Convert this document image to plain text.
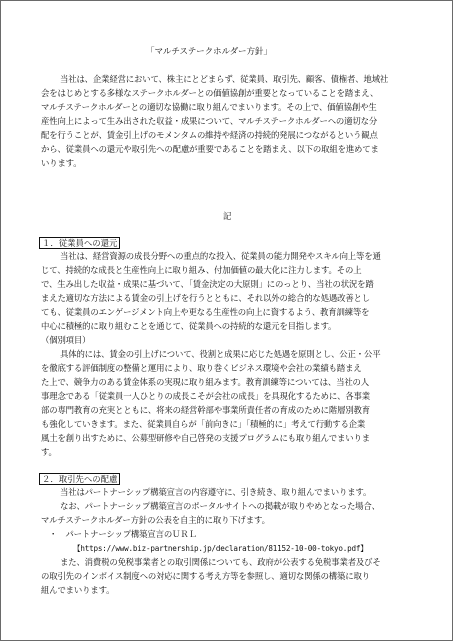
「マルチステークホルダー方針」
当社は、企業経営において、株主にとどまらず、従業員、取引先、顧客、債権者、地域社
会をはじめとする多様なステークホルダーとの価値協創が重要となっていることを踏まえ、
マルチステークホルダーとの適切な協働に取り組んでまいります。その上で、価値協創や生
産性向上によって生み出された収益・成果について、マルチステークホルダーへの適切な分
配を行うことが、賃金引上げのモメンタムの維持や経済の持続的発展につながるという観点
から、従業員への還元や取引先への配慮が重要であることを踏まえ、以下の取組を進めてま
いります。
記
１．従業員への還元
当社は、経営資源の成長分野への重点的な投入、従業員の能力開発やスキル向上等を通
じて、持続的な成長と生産性向上に取り組み、付加価値の最大化に注力します。その上
で、生み出した収益・成果に基づいて、「賃金決定の大原則」にのっとり、当社の状況を踏
まえた適切な方法による賃金の引上げを行うとともに、それ以外の総合的な処遇改善とし
ても、従業員のエンゲージメント向上や更なる生産性の向上に資するよう、教育訓練等を
中心に積極的に取り組むことを通じて、従業員への持続的な還元を目指します。
（個別項目）
具体的には、賃金の引上げについて、役割と成果に応じた処遇を原則とし、公正・公平
を徹底する評価制度の整備と運用により、取り巻くビジネス環境や会社の業績も踏まえ
た上で、競争力のある賃金体系の実現に取り組みます。教育訓練等については、当社の人
事理念である「従業員一人ひとりの成長こそが会社の成長」を具現化するために、各事業
部の専門教育の充実とともに、将来の経営幹部や事業所責任者の育成のために階層別教育
も強化していきます。また、従業員自らが「前向きに」「積極的に」考えて行動する企業
風土を創り出すために、公募型研修や自己啓発の支援プログラムにも取り組んでまいりま
す。
２．取引先への配慮
当社はパートナーシップ構築宣言の内容遵守に、引き続き、取り組んでまいります。
なお、パートナーシップ構築宣言のポータルサイトへの掲載が取りやめとなった場合、
マルチステークホルダー方針の公表を自主的に取り下げます。
・　パートナーシップ構築宣言のＵＲＬ
【https://www.biz-partnership.jp/declaration/81152-10-00-tokyo.pdf】
また、消費税の免税事業者との取引関係についても、政府が公表する免税事業者及びそ
の取引先のインボイス制度への対応に関する考え方等を参照し、適切な関係の構築に取り
組んでまいります。
